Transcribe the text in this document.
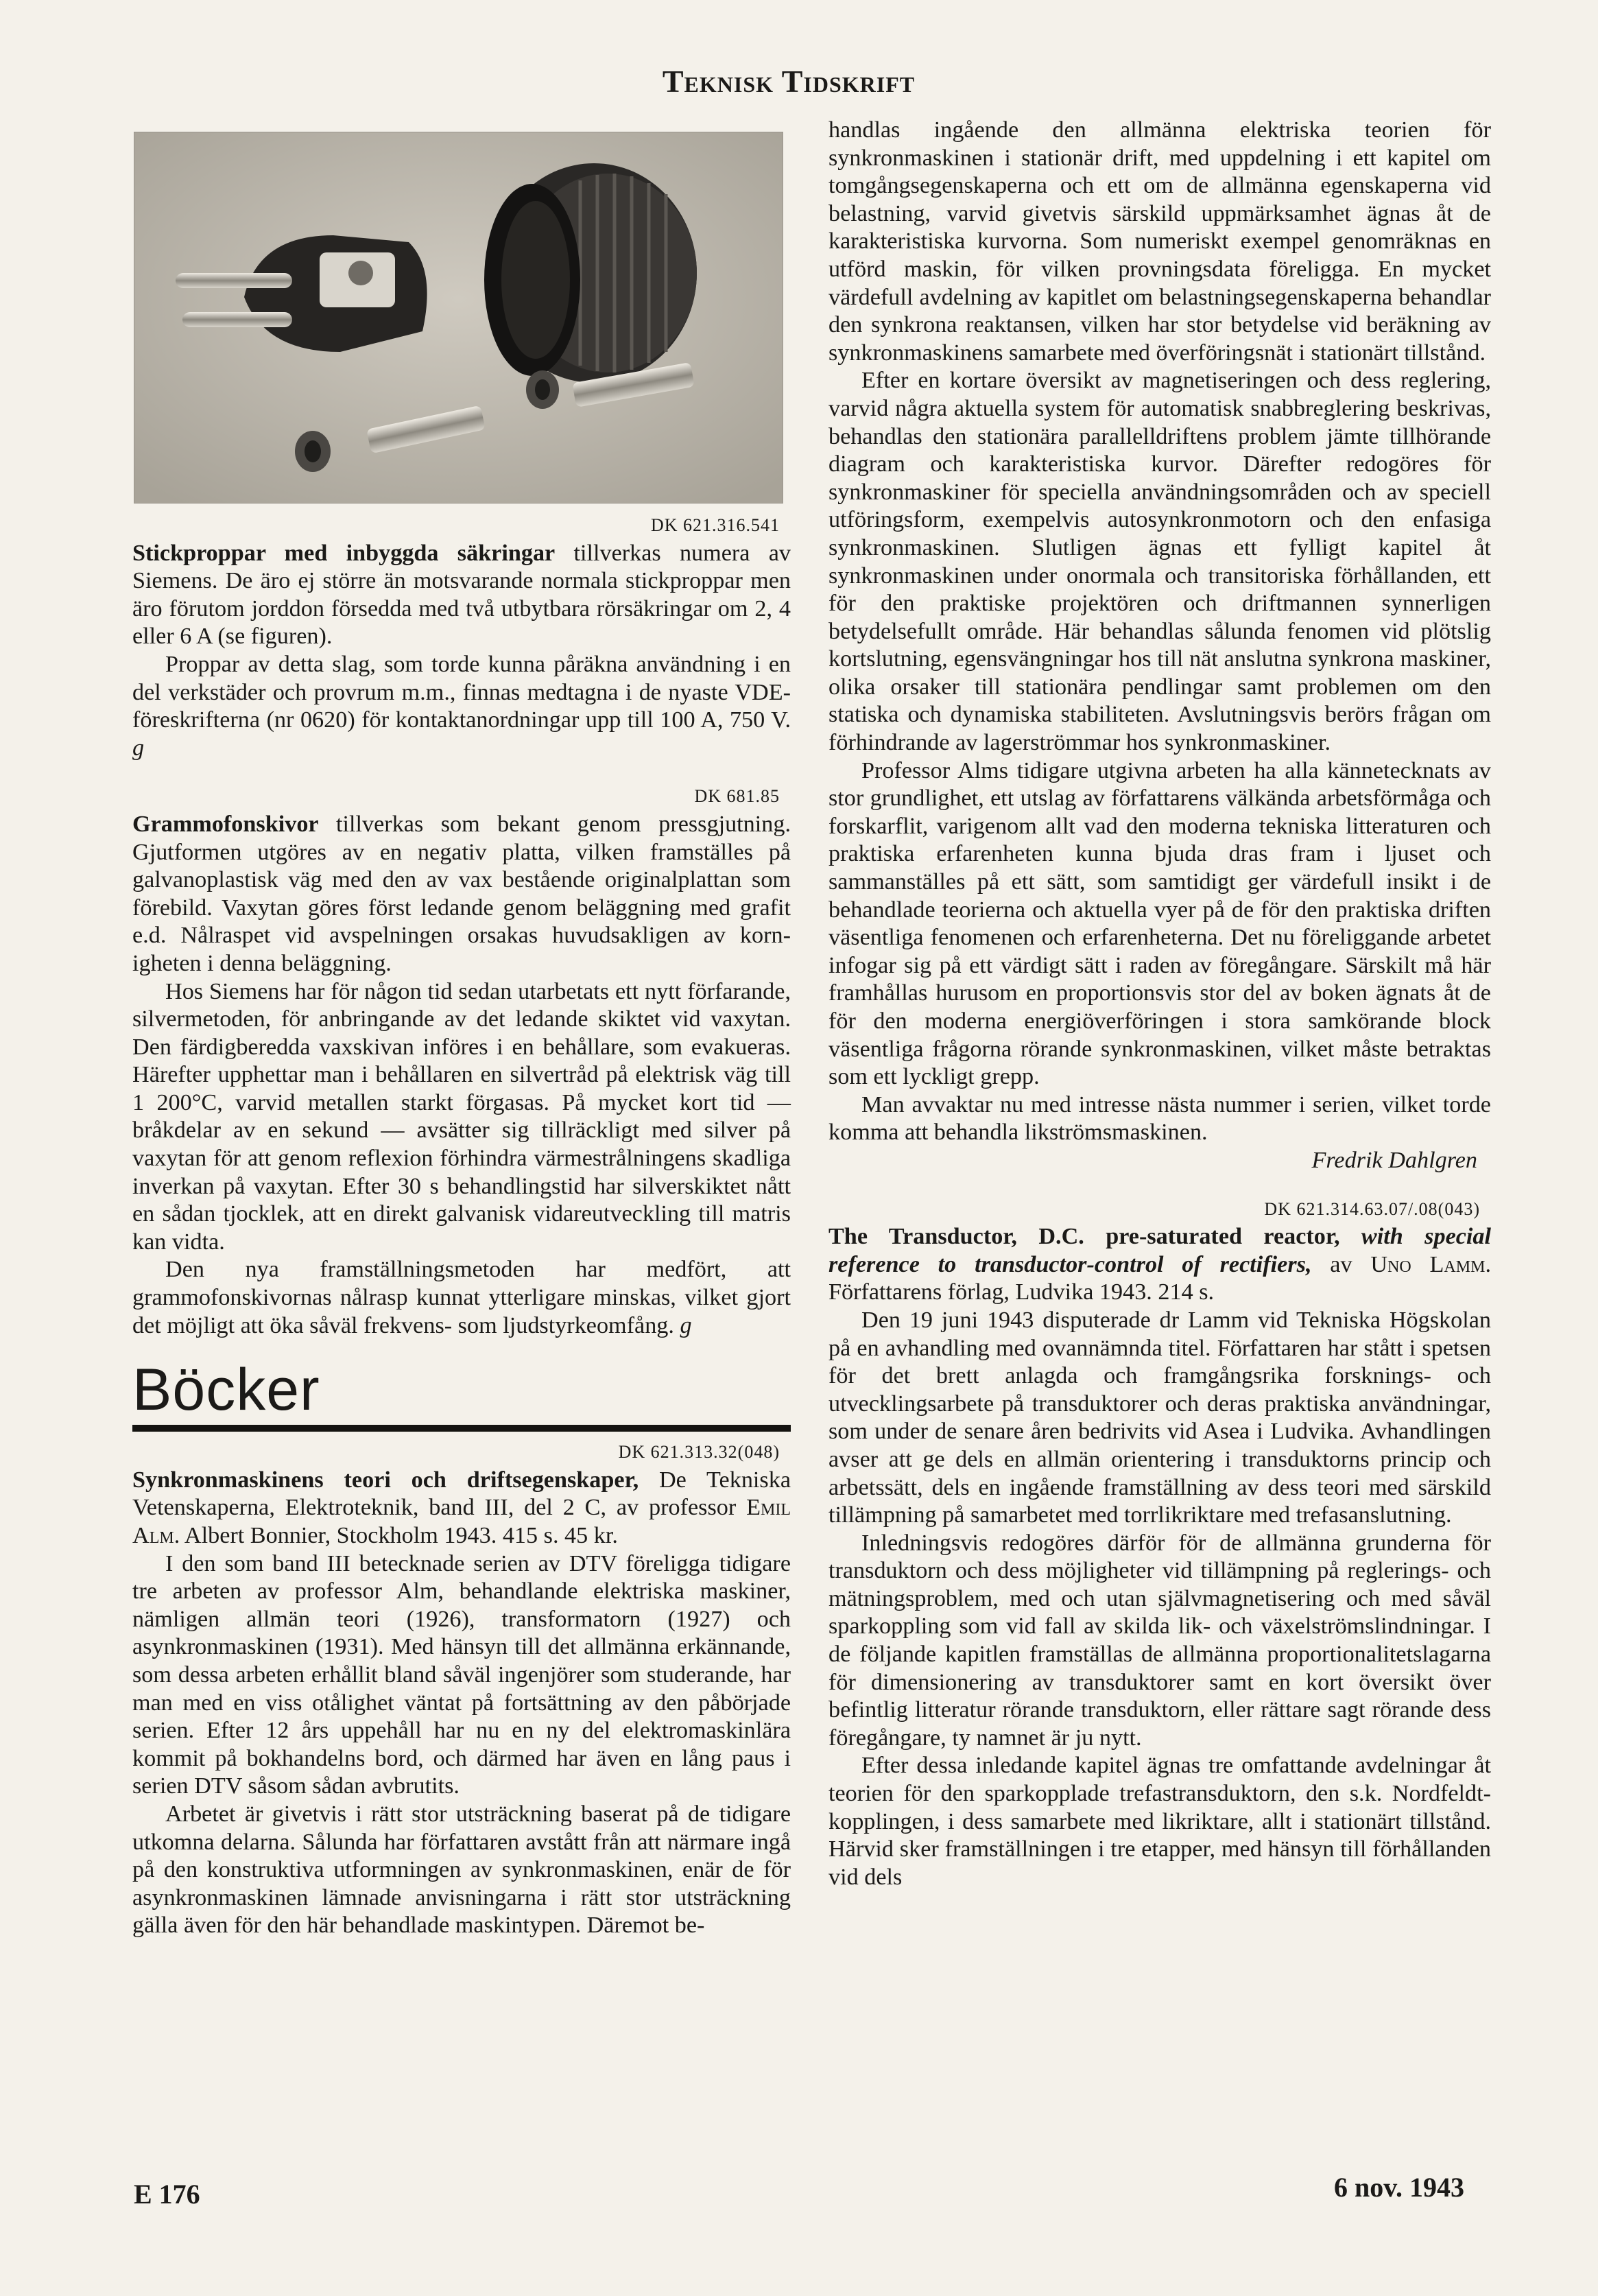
Teknisk Tidskrift

DK 621.316.541

Stickproppar med inbyggda säkringar tillverkas numera av Siemens. De äro ej större än motsvarande normala stickproppar men äro förutom jorddon försedda med två utbytbara rörsäkringar om 2, 4 eller 6 A (se figuren).

Proppar av detta slag, som torde kunna påräkna användning i en del verkstäder och provrum m.m., finnas medtagna i de nyaste VDE-föreskrifterna (nr 0620) för kontaktanordningar upp till 100 A, 750 V. g

DK 681.85

Grammofonskivor tillverkas som bekant genom pressgjutning. Gjutformen utgöres av en negativ platta, vilken framställes på galvanoplastisk väg med den av vax bestående originalplattan som förebild. Vaxytan göres först ledande genom beläggning med grafit e.d. Nålraspet vid avspelningen orsakas huvudsakligen av kornigheten i denna beläggning.

Hos Siemens har för någon tid sedan utarbetats ett nytt förfarande, silvermetoden, för anbringande av det ledande skiktet vid vaxytan. Den färdigberedda vaxskivan införes i en behållare, som evakueras. Härefter upphettar man i behållaren en silvertråd på elektrisk väg till 1 200°C, varvid metallen starkt förgasas. På mycket kort tid — bråkdelar av en sekund — avsätter sig tillräckligt med silver på vaxytan för att genom reflexion förhindra värmestrålningens skadliga inverkan på vaxytan. Efter 30 s behandlingstid har silverskiktet nått en sådan tjocklek, att en direkt galvanisk vidareutveckling till matris kan vidta.

Den nya framställningsmetoden har medfört, att grammofonskivornas nålrasp kunnat ytterligare minskas, vilket gjort det möjligt att öka såväl frekvens- som ljudstyrkeomfång. g

Böcker

DK 621.313.32(048)

Synkronmaskinens teori och driftsegenskaper, De Tekniska Vetenskaperna, Elektroteknik, band III, del 2 C, av professor Emil Alm. Albert Bonnier, Stockholm 1943. 415 s. 45 kr.

I den som band III betecknade serien av DTV föreligga tidigare tre arbeten av professor Alm, behandlande elektriska maskiner, nämligen allmän teori (1926), transformatorn (1927) och asynkronmaskinen (1931). Med hänsyn till det allmänna erkännande, som dessa arbeten erhållit bland såväl ingenjörer som studerande, har man med en viss otålighet väntat på fortsättning av den påbörjade serien. Efter 12 års uppehåll har nu en ny del elektromaskinlära kommit på bokhandelns bord, och därmed har även en lång paus i serien DTV såsom sådan avbrutits.

Arbetet är givetvis i rätt stor utsträckning baserat på de tidigare utkomna delarna. Sålunda har författaren avstått från att närmare ingå på den konstruktiva utformningen av synkronmaskinen, enär de för asynkronmaskinen lämnade anvisningarna i rätt stor utsträckning gälla även för den här behandlade maskintypen. Däremot be-

handlas ingående den allmänna elektriska teorien för synkronmaskinen i stationär drift, med uppdelning i ett kapitel om tomgångsegenskaperna och ett om de allmänna egenskaperna vid belastning, varvid givetvis särskild uppmärksamhet ägnas åt de karakteristiska kurvorna. Som numeriskt exempel genomräknas en utförd maskin, för vilken provningsdata föreligga. En mycket värdefull avdelning av kapitlet om belastningsegenskaperna behandlar den synkrona reaktansen, vilken har stor betydelse vid beräkning av synkronmaskinens samarbete med överföringsnät i stationärt tillstånd.

Efter en kortare översikt av magnetiseringen och dess reglering, varvid några aktuella system för automatisk snabbreglering beskrivas, behandlas den stationära parallelldriftens problem jämte tillhörande diagram och karakteristiska kurvor. Därefter redogöres för synkronmaskiner för speciella användningsområden och av speciell utföringsform, exempelvis autosynkronmotorn och den enfasiga synkronmaskinen. Slutligen ägnas ett fylligt kapitel åt synkronmaskinen under onormala och transitoriska förhållanden, ett för den praktiske projektören och driftmannen synnerligen betydelsefullt område. Här behandlas sålunda fenomen vid plötslig kortslutning, egensvängningar hos till nät anslutna synkrona maskiner, olika orsaker till stationära pendlingar samt problemen om den statiska och dynamiska stabiliteten. Avslutningsvis berörs frågan om förhindrande av lagerströmmar hos synkronmaskiner.

Professor Alms tidigare utgivna arbeten ha alla kännetecknats av stor grundlighet, ett utslag av författarens välkända arbetsförmåga och forskarflit, varigenom allt vad den moderna tekniska litteraturen och praktiska erfarenheten kunna bjuda dras fram i ljuset och sammanställes på ett sätt, som samtidigt ger värdefull insikt i de behandlade teorierna och aktuella vyer på de för den praktiska driften väsentliga fenomenen och erfarenheterna. Det nu föreliggande arbetet infogar sig på ett värdigt sätt i raden av föregångare. Särskilt må här framhållas hurusom en proportionsvis stor del av boken ägnats åt de för den moderna energiöverföringen i stora samkörande block väsentliga frågorna rörande synkronmaskinen, vilket måste betraktas som ett lyckligt grepp.

Man avvaktar nu med intresse nästa nummer i serien, vilket torde komma att behandla likströmsmaskinen.

Fredrik Dahlgren

DK 621.314.63.07/.08(043)

The Transductor, D.C. pre-saturated reactor, with special reference to transductor-control of rectifiers, av Uno Lamm. Författarens förlag, Ludvika 1943. 214 s.

Den 19 juni 1943 disputerade dr Lamm vid Tekniska Högskolan på en avhandling med ovannämnda titel. Författaren har stått i spetsen för det brett anlagda och framgångsrika forsknings- och utvecklingsarbete på transduktorer och deras praktiska användningar, som under de senare åren bedrivits vid Asea i Ludvika. Avhandlingen avser att ge dels en allmän orientering i transduktorns princip och arbetssätt, dels en ingående framställning av dess teori med särskild tillämpning på samarbetet med torrlikriktare med trefasanslutning.

Inledningsvis redogöres därför för de allmänna grunderna för transduktorn och dess möjligheter vid tillämpning på reglerings- och mätningsproblem, med och utan självmagnetisering och med såväl sparkoppling som vid fall av skilda lik- och växelströmslindningar. I de följande kapitlen framställas de allmänna proportionalitetslagarna för dimensionering av transduktorer samt en kort översikt över befintlig litteratur rörande transduktorn, eller rättare sagt rörande dess föregångare, ty namnet är ju nytt.

Efter dessa inledande kapitel ägnas tre omfattande avdelningar åt teorien för den sparkopplade trefastransduktorn, den s.k. Nordfeldt-kopplingen, i dess samarbete med likriktare, allt i stationärt tillstånd. Härvid sker framställningen i tre etapper, med hänsyn till förhållanden vid dels

E 176	6 nov. 1943
